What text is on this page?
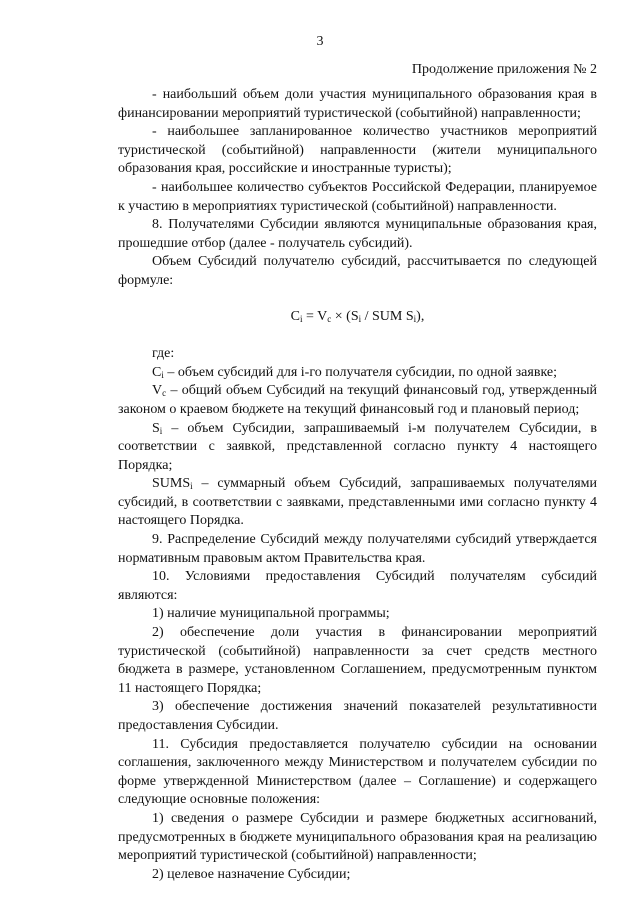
3
Продолжение приложения № 2

- наибольший объем доли участия муниципального образования края в финансировании мероприятий туристической (событийной) направленности;

- наибольшее запланированное количество участников мероприятий туристической (событийной) направленности (жители муниципального образования края, российские и иностранные туристы);

- наибольшее количество субъектов Российской Федерации, планируемое к участию в мероприятиях туристической (событийной) направленности.

8. Получателями Субсидии являются муниципальные образования края, прошедшие отбор (далее - получатель субсидий).

Объем Субсидий получателю субсидий, рассчитывается по следующей формуле:

$C_i = V_c \times (S_i$ / SUM $S_i$),

где:

$C_i$ – объем субсидий для i-го получателя субсидии, по одной заявке;

$V_c$ – общий объем Субсидий на текущий финансовый год, утвержденный законом о краевом бюджете на текущий финансовый год и плановый период;

$S_i$ – объем Субсидии, запрашиваемый i-м получателем Субсидии, в соответствии с заявкой, представленной согласно пункту 4 настоящего Порядка;

$SUMS_i$ – суммарный объем Субсидий, запрашиваемых получателями субсидий, в соответствии с заявками, представленными ими согласно пункту 4 настоящего Порядка.

9. Распределение Субсидий между получателями субсидий утверждается нормативным правовым актом Правительства края.

10. Условиями предоставления Субсидий получателям субсидий являются:

1) наличие муниципальной программы;

2) обеспечение доли участия в финансировании мероприятий туристической (событийной) направленности за счет средств местного бюджета в размере, установленном Соглашением, предусмотренным пунктом 11 настоящего Порядка;

3) обеспечение достижения значений показателей результативности предоставления Субсидии.

11. Субсидия предоставляется получателю субсидии на основании соглашения, заключенного между Министерством и получателем субсидии по форме утвержденной Министерством (далее – Соглашение) и содержащего следующие основные положения:

1) сведения о размере Субсидии и размере бюджетных ассигнований, предусмотренных в бюджете муниципального образования края на реализацию мероприятий туристической (событийной) направленности;

2) целевое назначение Субсидии;
